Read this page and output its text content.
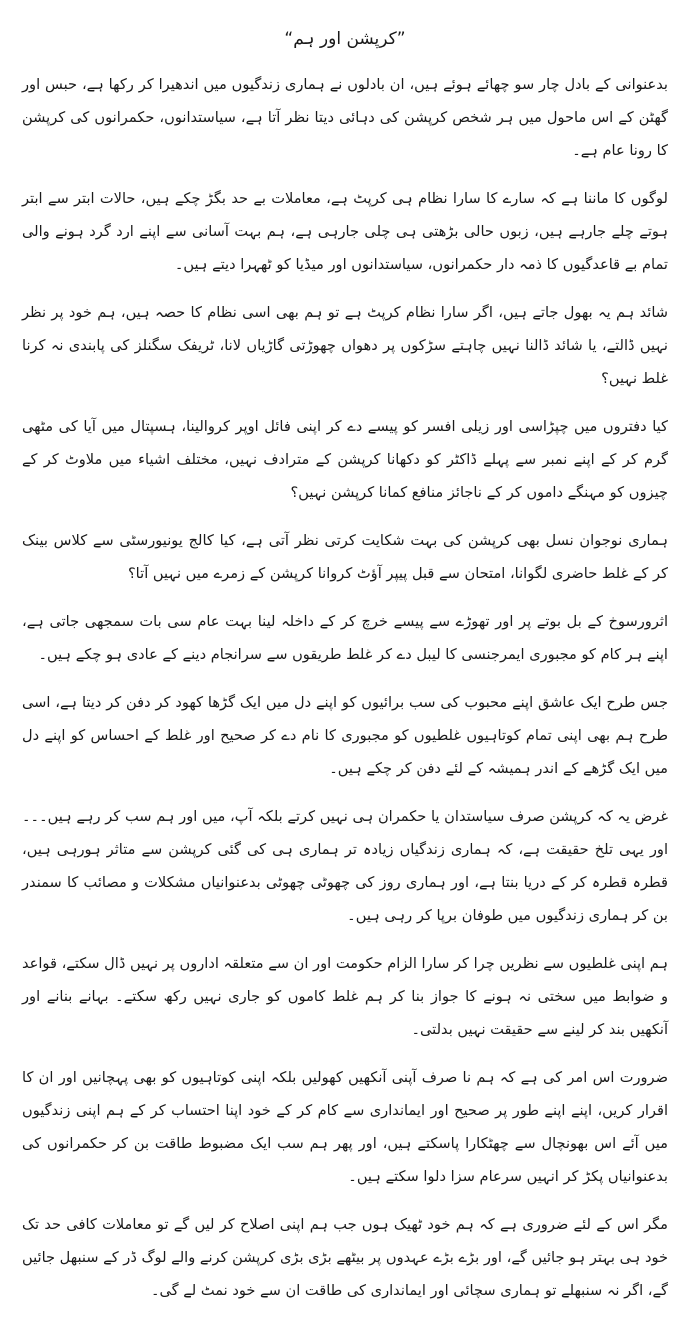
”کرپشن اور ہم“

بدعنوانی کے بادل چار سو چھائے ہوئے ہیں، ان بادلوں نے ہماری زندگیوں میں اندھیرا کر رکھا ہے، حبس اور گھٹن کے اس ماحول میں ہر شخص کرپشن کی دہائی دیتا نظر آتا ہے، سیاستدانوں، حکمرانوں کی کرپشن کا رونا عام ہے۔

لوگوں کا ماننا ہے کہ سارے کا سارا نظام ہی کرپٹ ہے، معاملات بے حد بگڑ چکے ہیں، حالات ابتر سے ابتر ہوتے چلے جارہے ہیں، زبوں حالی بڑھتی ہی چلی جارہی ہے، ہم بہت آسانی سے اپنے ارد گرد ہونے والی تمام بے قاعدگیوں کا ذمہ دار حکمرانوں، سیاستدانوں اور میڈیا کو ٹھہرا دیتے ہیں۔

شائد ہم یہ بھول جاتے ہیں، اگر سارا نظام کرپٹ ہے تو ہم بھی اسی نظام کا حصہ ہیں، ہم خود پر نظر نہیں ڈالتے، یا شائد ڈالنا نہیں چاہتے سڑکوں پر دھواں چھوڑتی گاڑیاں لانا، ٹریفک سگنلز کی پابندی نہ کرنا غلط نہیں؟

کیا دفتروں میں چپڑاسی اور زیلی افسر کو پیسے دے کر اپنی فائل اوپر کروالینا، ہسپتال میں آیا کی مٹھی گرم کر کے اپنے نمبر سے پہلے ڈاکٹر کو دکھانا کرپشن کے مترادف نہیں، مختلف اشیاء میں ملاوٹ کر کے چیزوں کو مہنگے داموں کر کے ناجائز منافع کمانا کرپشن نہیں؟

ہماری نوجوان نسل بھی کرپشن کی بہت شکایت کرتی نظر آتی ہے، کیا کالج یونیورسٹی سے کلاس بینک کر کے غلط حاضری لگوانا، امتحان سے قبل پیپر آؤٹ کروانا کرپشن کے زمرے میں نہیں آتا؟

اثرورسوخ کے بل بوتے پر اور تھوڑے سے پیسے خرچ کر کے داخلہ لینا بہت عام سی بات سمجھی جاتی ہے، اپنے ہر کام کو مجبوری ایمرجنسی کا لیبل دے کر غلط طریقوں سے سرانجام دینے کے عادی ہو چکے ہیں۔

جس طرح ایک عاشق اپنے محبوب کی سب برائیوں کو اپنے دل میں ایک گڑھا کھود کر دفن کر دیتا ہے، اسی طرح ہم بھی اپنی تمام کوتاہیوں غلطیوں کو مجبوری کا نام دے کر صحیح اور غلط کے احساس کو اپنے دل میں ایک گڑھے کے اندر ہمیشہ کے لئے دفن کر چکے ہیں۔

غرض یہ کہ کرپشن صرف سیاستدان یا حکمران ہی نہیں کرتے بلکہ آپ، میں اور ہم سب کر رہے ہیں۔۔۔ اور یہی تلخ حقیقت ہے، کہ ہماری زندگیاں زیادہ تر ہماری ہی کی گئی کرپشن سے متاثر ہورہی ہیں، قطرہ قطرہ کر کے دریا بنتا ہے، اور ہماری روز کی چھوٹی چھوٹی بدعنوانیاں مشکلات و مصائب کا سمندر بن کر ہماری زندگیوں میں طوفان برپا کر رہی ہیں۔

ہم اپنی غلطیوں سے نظریں چرا کر سارا الزام حکومت اور ان سے متعلقہ اداروں پر نہیں ڈال سکتے، قواعد و ضوابط میں سختی نہ ہونے کا جواز بنا کر ہم غلط کاموں کو جاری نہیں رکھ سکتے۔ بہانے بنانے اور آنکھیں بند کر لینے سے حقیقت نہیں بدلتی۔

ضرورت اس امر کی ہے کہ ہم نا صرف آپنی آنکھیں کھولیں بلکہ اپنی کوتاہیوں کو بھی پہچانیں اور ان کا اقرار کریں، اپنے اپنے طور پر صحیح اور ایمانداری سے کام کر کے خود اپنا احتساب کر کے ہم اپنی زندگیوں میں آئے اس بھونچال سے چھٹکارا پاسکتے ہیں، اور پھر ہم سب ایک مضبوط طاقت بن کر حکمرانوں کی بدعنوانیاں پکڑ کر انہیں سرعام سزا دلوا سکتے ہیں۔

مگر اس کے لئے ضروری ہے کہ ہم خود ٹھیک ہوں جب ہم اپنی اصلاح کر لیں گے تو معاملات کافی حد تک خود ہی بہتر ہو جائیں گے، اور بڑے بڑے عہدوں پر بیٹھے بڑی بڑی کرپشن کرنے والے لوگ ڈر کے سنبھل جائیں گے، اگر نہ سنبھلے تو ہماری سچائی اور ایمانداری کی طاقت ان سے خود نمٹ لے گی۔
